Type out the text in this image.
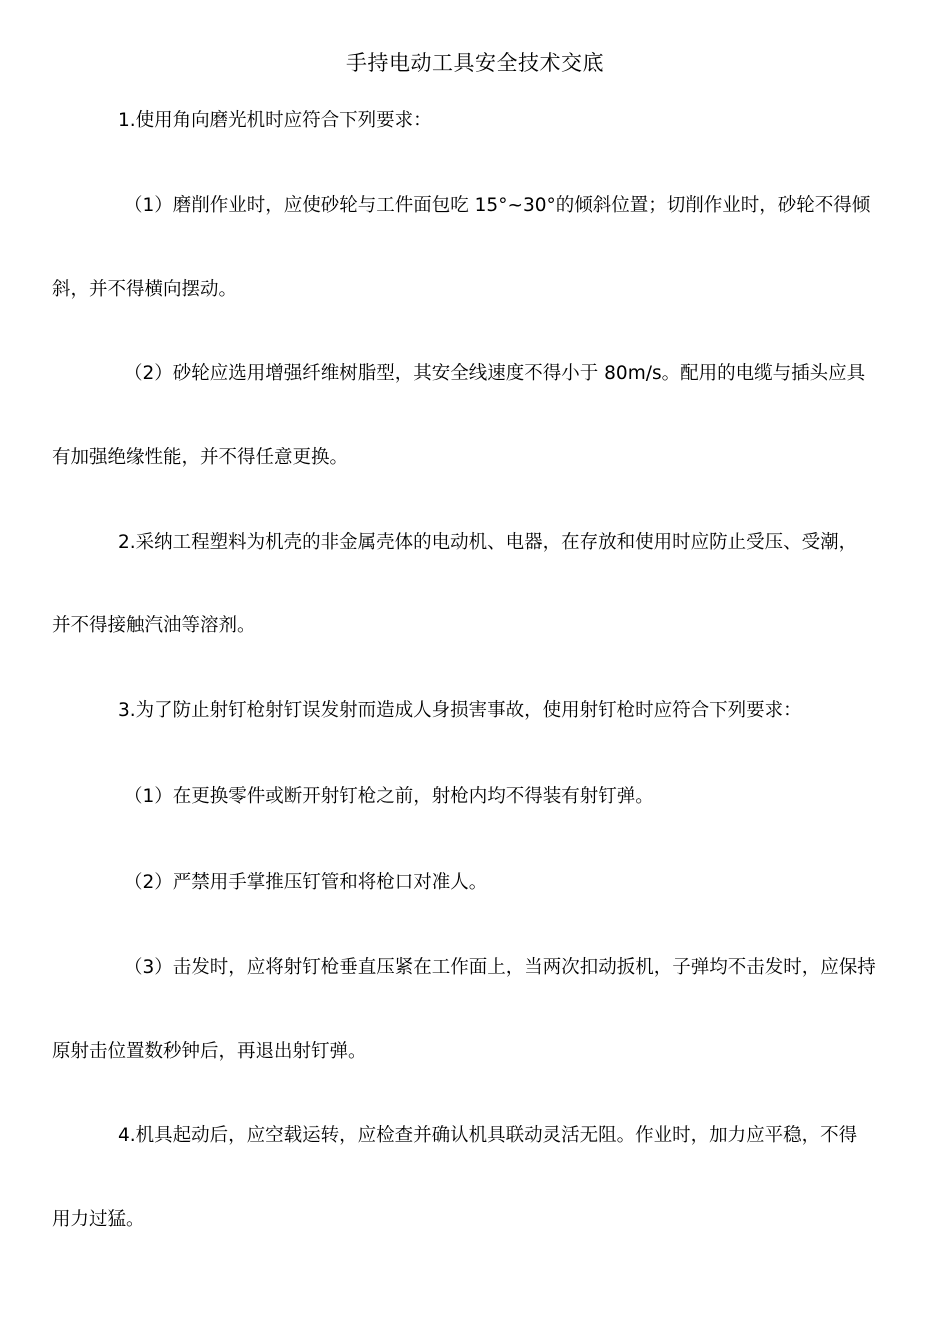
手持电动工具安全技术交底
1.使用角向磨光机时应符合下列要求：
（1）磨削作业时，应使砂轮与工件面包吃 15°~30°的倾斜位置；切削作业时，砂轮不得倾
斜，并不得横向摆动。
（2）砂轮应选用增强纤维树脂型，其安全线速度不得小于 80m/s。配用的电缆与插头应具
有加强绝缘性能，并不得任意更换。
2.采纳工程塑料为机壳的非金属壳体的电动机、电器，在存放和使用时应防止受压、受潮，
并不得接触汽油等溶剂。
3.为了防止射钉枪射钉误发射而造成人身损害事故，使用射钉枪时应符合下列要求：
（1）在更换零件或断开射钉枪之前，射枪内均不得装有射钉弹。
（2）严禁用手掌推压钉管和将枪口对准人。
（3）击发时，应将射钉枪垂直压紧在工作面上，当两次扣动扳机，子弹均不击发时，应保持
原射击位置数秒钟后，再退出射钉弹。
4.机具起动后，应空载运转，应检查并确认机具联动灵活无阻。作业时，加力应平稳，不得
用力过猛。
